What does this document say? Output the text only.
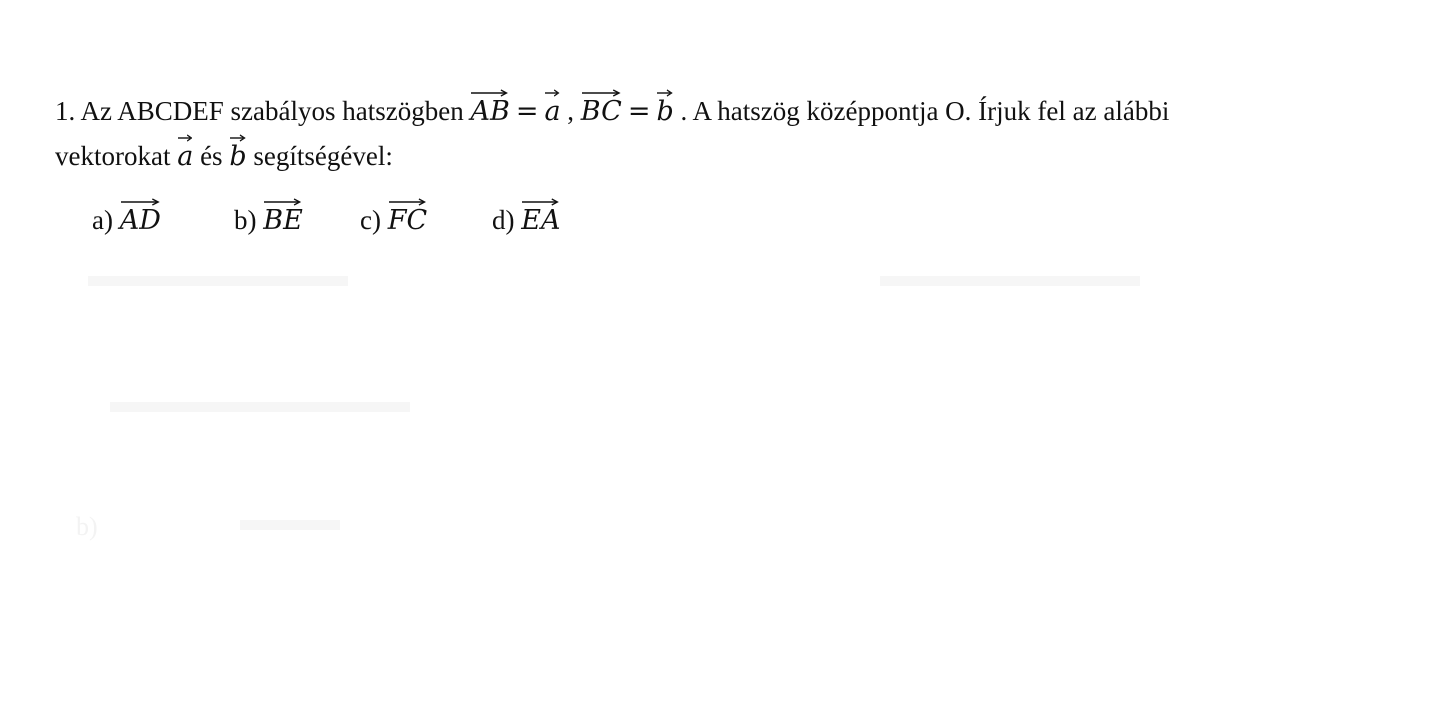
1. Az ABCDEF szabályos hatszögben
AB = a , BC = b . A hatszög középpontja O. Írjuk fel az alábbi
vektorokat
a és
b segítségével:
a)
AD	b)
BE c)
FC d)
EA
b)
